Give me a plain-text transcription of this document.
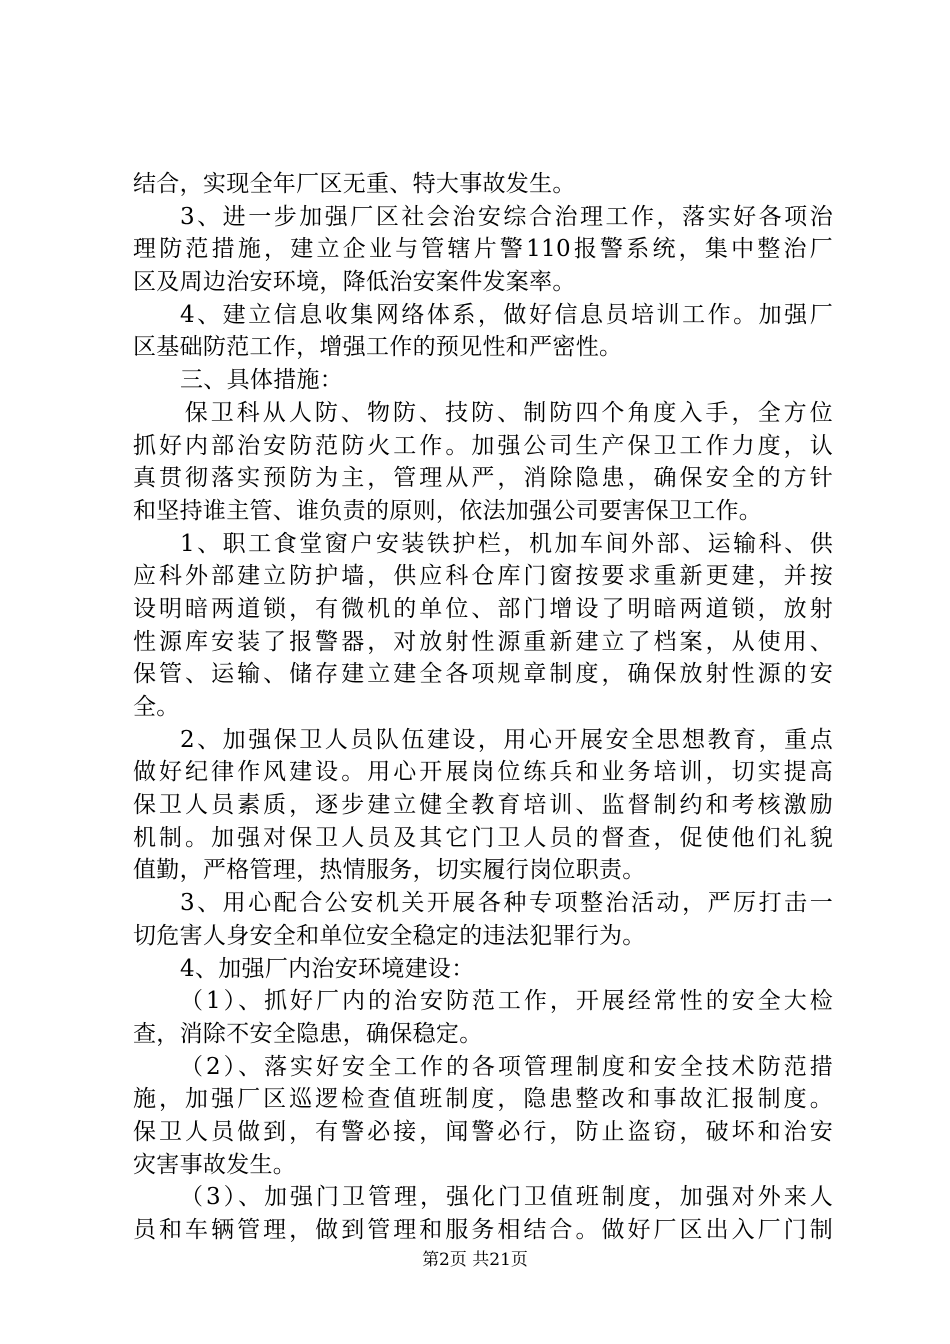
结合，实现全年厂区无重、特大事故发生。
3、进一步加强厂区社会治安综合治理工作，落实好各项治
理防范措施，建立企业与管辖片警110报警系统，集中整治厂
区及周边治安环境，降低治安案件发案率。
4、建立信息收集网络体系，做好信息员培训工作。加强厂
区基础防范工作，增强工作的预见性和严密性。
三、具体措施：
保卫科从人防、物防、技防、制防四个角度入手，全方位
抓好内部治安防范防火工作。加强公司生产保卫工作力度，认
真贯彻落实预防为主，管理从严，消除隐患，确保安全的方针
和坚持谁主管、谁负责的原则，依法加强公司要害保卫工作。
1、职工食堂窗户安装铁护栏，机加车间外部、运输科、供
应科外部建立防护墙，供应科仓库门窗按要求重新更建，并按
设明暗两道锁，有微机的单位、部门增设了明暗两道锁，放射
性源库安装了报警器，对放射性源重新建立了档案，从使用、
保管、运输、储存建立建全各项规章制度，确保放射性源的安
全。
2、加强保卫人员队伍建设，用心开展安全思想教育，重点
做好纪律作风建设。用心开展岗位练兵和业务培训，切实提高
保卫人员素质，逐步建立健全教育培训、监督制约和考核激励
机制。加强对保卫人员及其它门卫人员的督查，促使他们礼貌
值勤，严格管理，热情服务，切实履行岗位职责。
3、用心配合公安机关开展各种专项整治活动，严厉打击一
切危害人身安全和单位安全稳定的违法犯罪行为。
4、加强厂内治安环境建设：
（1）、抓好厂内的治安防范工作，开展经常性的安全大检
查，消除不安全隐患，确保稳定。
（2）、落实好安全工作的各项管理制度和安全技术防范措
施，加强厂区巡逻检查值班制度，隐患整改和事故汇报制度。
保卫人员做到，有警必接，闻警必行，防止盗窃，破坏和治安
灾害事故发生。
（3）、加强门卫管理，强化门卫值班制度，加强对外来人
员和车辆管理，做到管理和服务相结合。做好厂区出入厂门制
第2页 共21页
